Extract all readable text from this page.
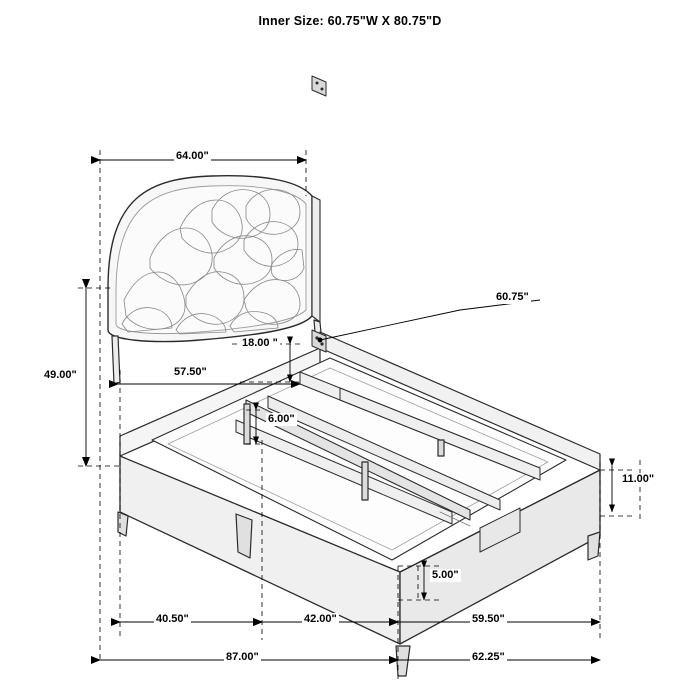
Inner Size: 60.75"W X 80.75"D
64.00"
49.00"	57.50"
18.00 "
6.00"
11.00"
5.00"
60.75"
40.50"	42.00"	59.50"
87.00"	62.25"
